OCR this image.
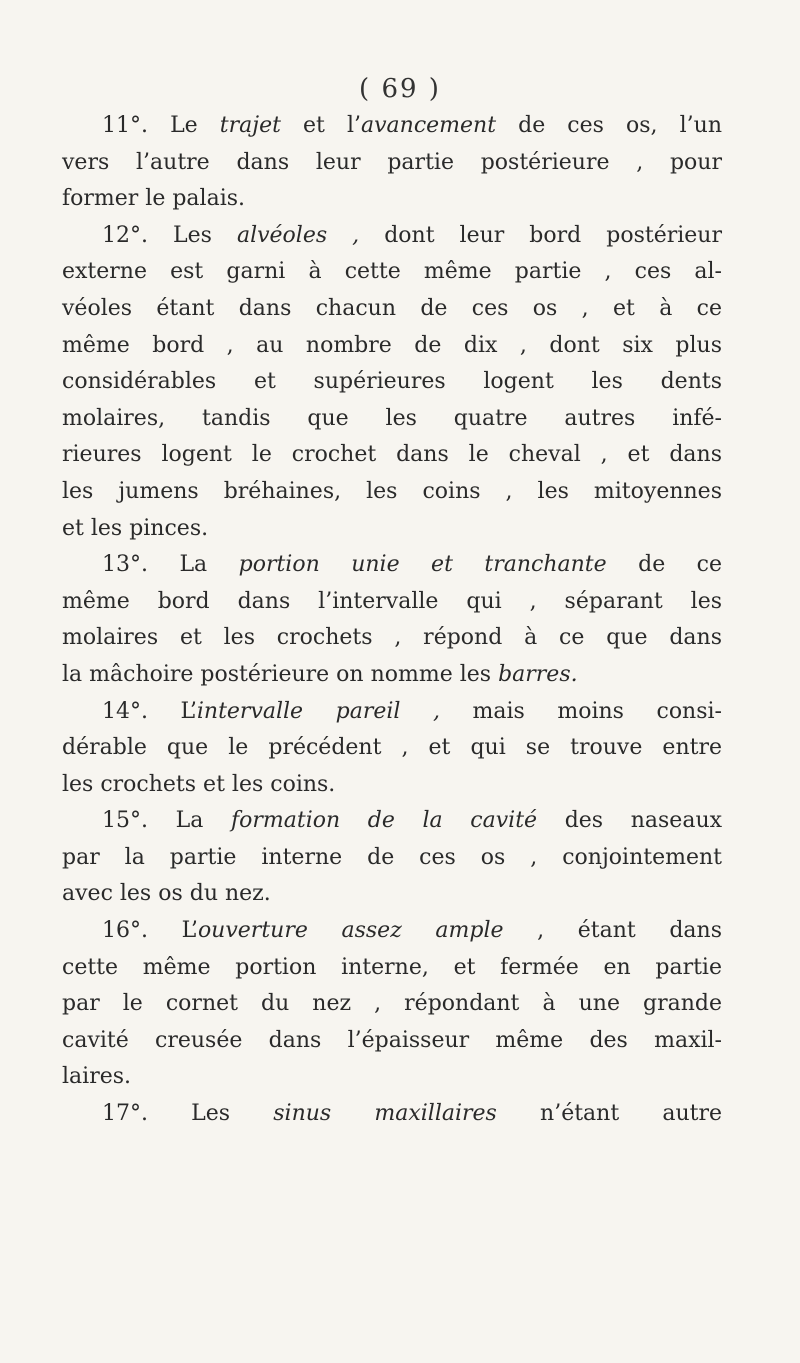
( 69 )
11°. Le trajet et l’avancement de ces os, l’un
vers l’autre dans leur partie postérieure , pour
former le palais.
12°. Les alvéoles , dont leur bord postérieur
externe est garni à cette même partie , ces al-
véoles étant dans chacun de ces os , et à ce
même bord , au nombre de dix , dont six plus
considérables et supérieures logent les dents
molaires, tandis que les quatre autres infé-
rieures logent le crochet dans le cheval , et dans
les jumens bréhaines, les coins , les mitoyennes
et les pinces.
13°. La portion unie et tranchante de ce
même bord dans l’intervalle qui , séparant les
molaires et les crochets , répond à ce que dans
la mâchoire postérieure on nomme les barres.
14°. L’intervalle pareil , mais moins consi-
dérable que le précédent , et qui se trouve entre
les crochets et les coins.
15°. La formation de la cavité des naseaux
par la partie interne de ces os , conjointement
avec les os du nez.
16°. L’ouverture assez ample , étant dans
cette même portion interne, et fermée en partie
par le cornet du nez , répondant à une grande
cavité creusée dans l’épaisseur même des maxil-
laires.
17°. Les sinus maxillaires n’étant autre
